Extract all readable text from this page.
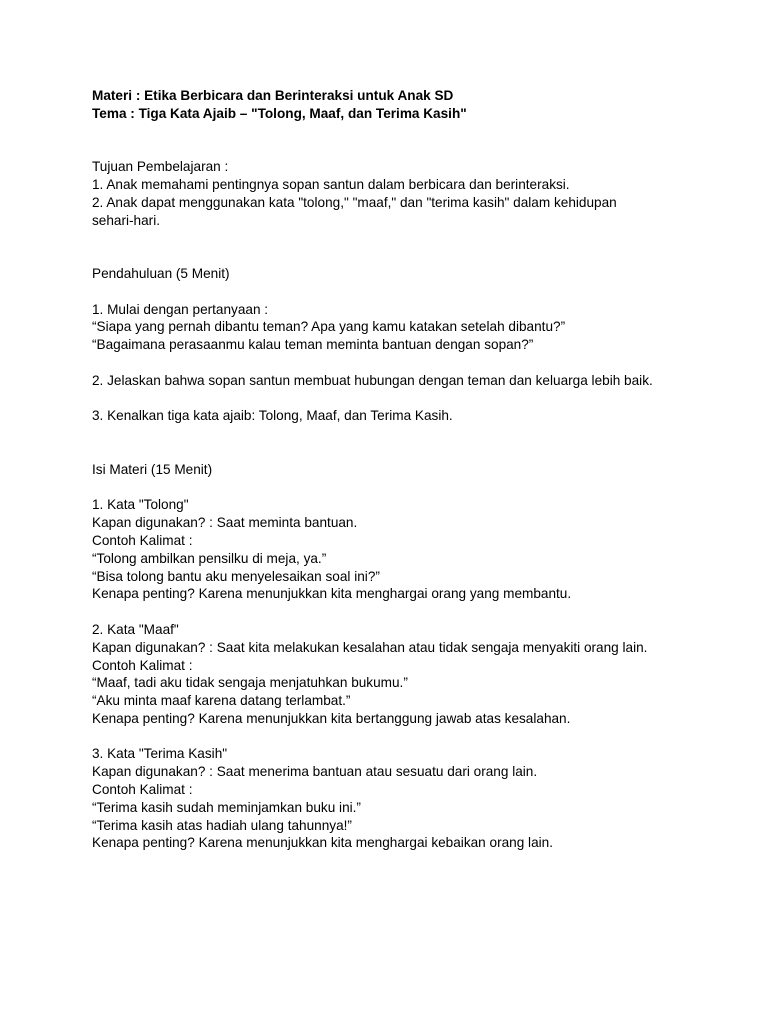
Materi : Etika Berbicara dan Berinteraksi untuk Anak SD
Tema : Tiga Kata Ajaib – "Tolong, Maaf, dan Terima Kasih"
Tujuan Pembelajaran :
1. Anak memahami pentingnya sopan santun dalam berbicara dan berinteraksi.
2. Anak dapat menggunakan kata "tolong," "maaf," dan "terima kasih" dalam kehidupan sehari-hari.
Pendahuluan (5 Menit)
1. Mulai dengan pertanyaan :
“Siapa yang pernah dibantu teman? Apa yang kamu katakan setelah dibantu?”
“Bagaimana perasaanmu kalau teman meminta bantuan dengan sopan?”
2. Jelaskan bahwa sopan santun membuat hubungan dengan teman dan keluarga lebih baik.
3. Kenalkan tiga kata ajaib: Tolong, Maaf, dan Terima Kasih.
Isi Materi (15 Menit)
1. Kata "Tolong"
Kapan digunakan? : Saat meminta bantuan.
Contoh Kalimat :
“Tolong ambilkan pensilku di meja, ya.”
“Bisa tolong bantu aku menyelesaikan soal ini?”
Kenapa penting? Karena menunjukkan kita menghargai orang yang membantu.
2. Kata "Maaf"
Kapan digunakan? : Saat kita melakukan kesalahan atau tidak sengaja menyakiti orang lain.
Contoh Kalimat :
“Maaf, tadi aku tidak sengaja menjatuhkan bukumu.”
“Aku minta maaf karena datang terlambat.”
Kenapa penting? Karena menunjukkan kita bertanggung jawab atas kesalahan.
3. Kata "Terima Kasih"
Kapan digunakan? : Saat menerima bantuan atau sesuatu dari orang lain.
Contoh Kalimat :
“Terima kasih sudah meminjamkan buku ini.”
“Terima kasih atas hadiah ulang tahunnya!”
Kenapa penting? Karena menunjukkan kita menghargai kebaikan orang lain.
